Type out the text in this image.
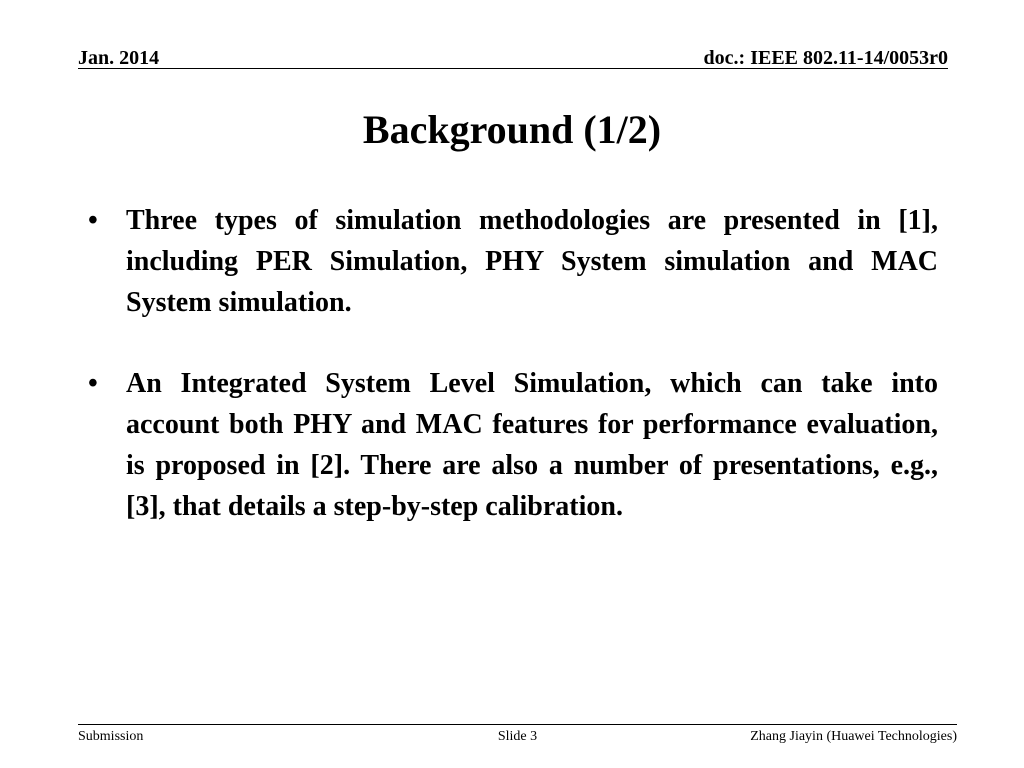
Jan. 2014	doc.: IEEE 802.11-14/0053r0
Background (1/2)
•	Three types of simulation methodologies are presented in [1], including PER Simulation, PHY System simulation and MAC System simulation.
•	An Integrated System Level Simulation, which can take into account both PHY and MAC features for performance evaluation, is proposed in [2]. There are also a number of presentations, e.g., [3], that details a step-by-step calibration.
Submission	Slide 3	Zhang Jiayin (Huawei Technologies)
